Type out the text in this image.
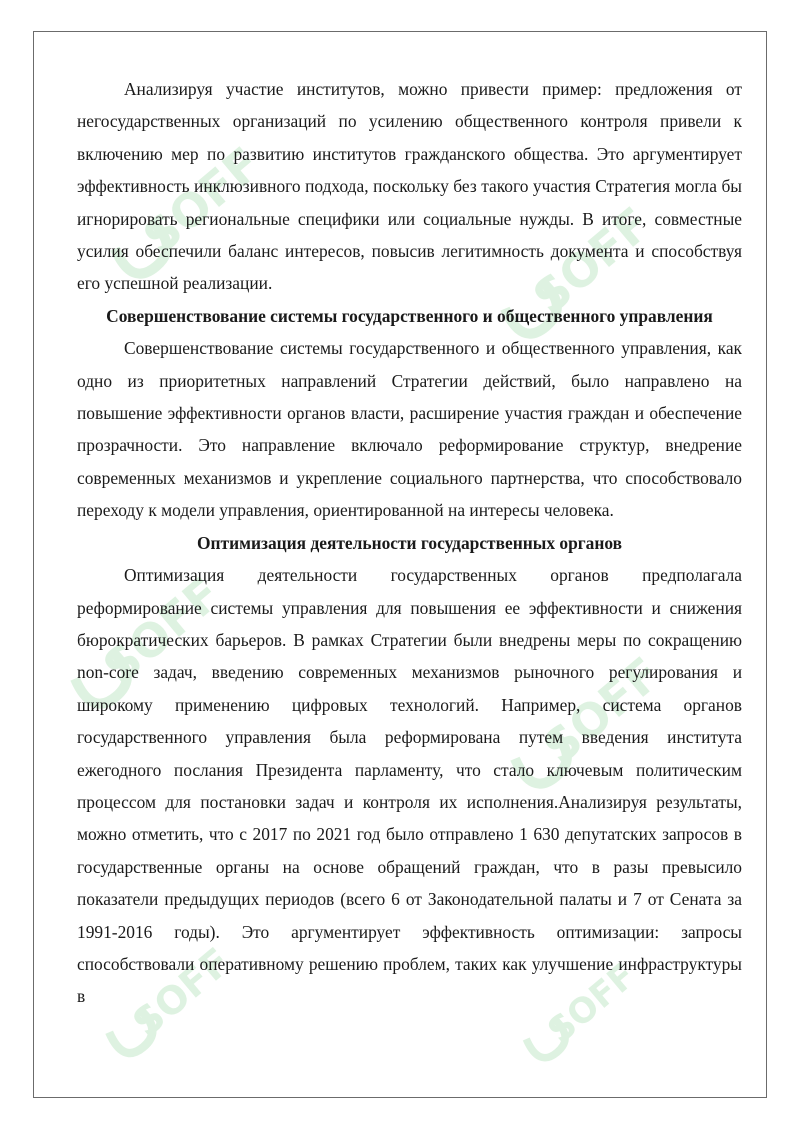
SOFF	SOFF
SOFF
SOFF
SOFF	SOFF

Анализируя участие институтов, можно привести пример: предложения от негосударственных организаций по усилению общественного контроля привели к включению мер по развитию институтов гражданского общества. Это аргументирует эффективность инклюзивного подхода, поскольку без такого участия Стратегия могла бы игнорировать региональные специфики или социальные нужды. В итоге, совместные усилия обеспечили баланс интересов, повысив легитимность документа и способствуя его успешной реализации.

Совершенствование системы государственного и общественного управления

Совершенствование системы государственного и общественного управления, как одно из приоритетных направлений Стратегии действий, было направлено на повышение эффективности органов власти, расширение участия граждан и обеспечение прозрачности. Это направление включало реформирование структур, внедрение современных механизмов и укрепление социального партнерства, что способствовало переходу к модели управления, ориентированной на интересы человека.

Оптимизация деятельности государственных органов

Оптимизация деятельности государственных органов предполагала реформирование системы управления для повышения ее эффективности и снижения бюрократических барьеров. В рамках Стратегии были внедрены меры по сокращению non-core задач, введению современных механизмов рыночного регулирования и широкому применению цифровых технологий. Например, система органов государственного управления была реформирована путем введения института ежегодного послания Президента парламенту, что стало ключевым политическим процессом для постановки задач и контроля их исполнения.Анализируя результаты, можно отметить, что с 2017 по 2021 год было отправлено 1 630 депутатских запросов в государственные органы на основе обращений граждан, что в разы превысило показатели предыдущих периодов (всего 6 от Законодательной палаты и 7 от Сената за 1991-2016 годы). Это аргументирует эффективность оптимизации: запросы способствовали оперативному решению проблем, таких как улучшение инфраструктуры в
